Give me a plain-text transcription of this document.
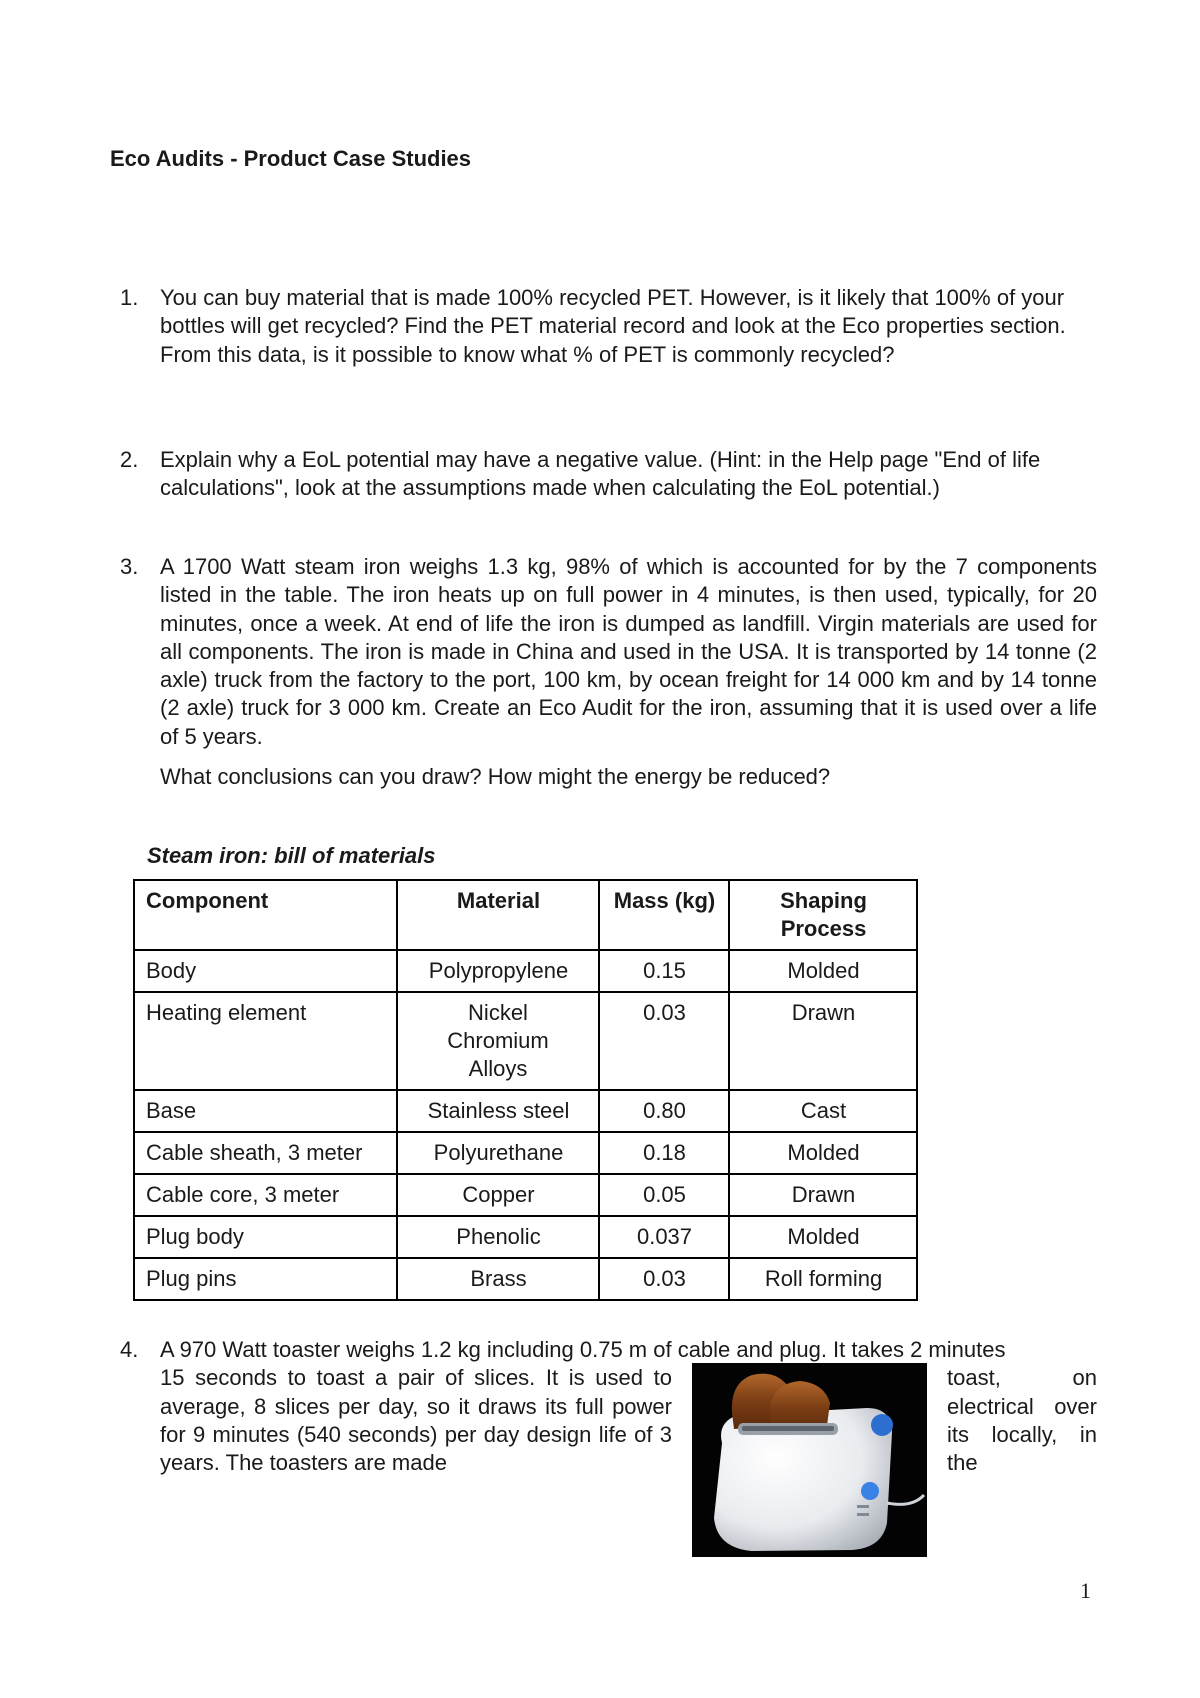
Eco Audits - Product Case Studies
1. You can buy material that is made 100% recycled PET. However, is it likely that 100% of your bottles will get recycled? Find the PET material record and look at the Eco properties section. From this data, is it possible to know what % of PET is commonly recycled?
2. Explain why a EoL potential may have a negative value. (Hint: in the Help page "End of life calculations", look at the assumptions made when calculating the EoL potential.)
3. A 1700 Watt steam iron weighs 1.3 kg, 98% of which is accounted for by the 7 components listed in the table. The iron heats up on full power in 4 minutes, is then used, typically, for 20 minutes, once a week. At end of life the iron is dumped as landfill. Virgin materials are used for all components. The iron is made in China and used in the USA. It is transported by 14 tonne (2 axle) truck from the factory to the port, 100 km, by ocean freight for 14 000 km and by 14 tonne (2 axle) truck for 3 000 km. Create an Eco Audit for the iron, assuming that it is used over a life of 5 years.

What conclusions can you draw? How might the energy be reduced?

Steam iron: bill of materials
Component	Material	Mass (kg)	Shaping Process
Body	Polypropylene	0.15	Molded
Heating element	Nickel Chromium Alloys	0.03	Drawn
Base	Stainless steel	0.80	Cast
Cable sheath, 3 meter	Polyurethane	0.18	Molded
Cable core, 3 meter	Copper	0.05	Drawn
Plug body	Phenolic	0.037	Molded
Plug pins	Brass	0.03	Roll forming
4. A 970 Watt toaster weighs 1.2 kg including 0.75 m of cable and plug. It takes 2 minutes
15 seconds to toast a pair of slices. It is used to average, 8 slices per day, so it draws its full power for 9 minutes (540 seconds) per day design life of 3 years. The toasters are made
toast, on electrical over its locally, in the
1
